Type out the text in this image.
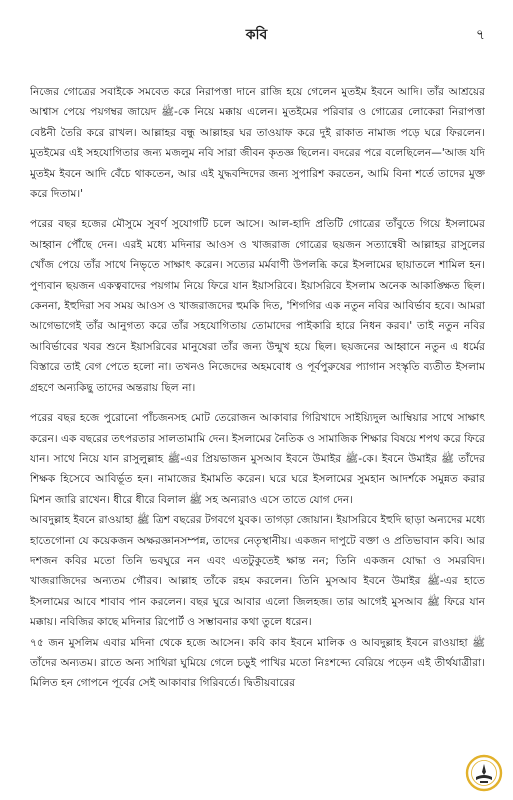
কবি	৭

নিজের গোত্রের সবাইকে সমবেত করে নিরাপত্তা দানে রাজি হয়ে গেলেন মুতইম ইবনে আদি। তাঁর আশ্রয়ের আশ্বাস পেয়ে পয়গম্বর জায়েদ ﷺ-কে নিয়ে মক্কায় এলেন। মুতইমের পরিবার ও গোত্রের লোকেরা নিরাপত্তা বেষ্টনী তৈরি করে রাখল। আল্লাহর বন্ধু আল্লাহর ঘর তাওয়াফ করে দুই রাকাত নামাজ পড়ে ঘরে ফিরলেন। মুতইমের এই সহযোগিতার জন্য মজলুম নবি সারা জীবন কৃতজ্ঞ ছিলেন। বদরের পরে বলেছিলেন—'আজ যদি মুতইম ইবনে আদি বেঁচে থাকতেন, আর এই যুদ্ধবন্দিদের জন্য সুপারিশ করতেন, আমি বিনা শর্তে তাদের মুক্ত করে দিতাম।'

পরের বছর হজের মৌসুমে সুবর্ণ সুযোগটি চলে আসে। আল-হাদি প্রতিটি গোত্রের তাঁবুতে গিয়ে ইসলামের আহ্বান পৌঁছে দেন। এরই মধ্যে মদিনার আওস ও খাজরাজ গোত্রের ছয়জন সত্যান্বেষী আল্লাহর রাসুলের খোঁজ পেয়ে তাঁর সাথে নিভৃতে সাক্ষাৎ করেন। সত্যের মর্মবাণী উপলব্ধি করে ইসলামের ছায়াতলে শামিল হন। পুণ্যবান ছয়জন একত্ববাদের পয়গাম নিয়ে ফিরে যান ইয়াসরিবে। ইয়াসরিবে ইসলাম অনেক আকাঙ্ক্ষিত ছিল। কেননা, ইহুদিরা সব সময় আওস ও খাজরাজদের হুমকি দিত, 'শিগগির এক নতুন নবির আবির্ভাব হবে। আমরা আগেভাগেই তাঁর আনুগত্য করে তাঁর সহযোগিতায় তোমাদের পাইকারি হারে নিধন করব।' তাই নতুন নবির আবির্ভাবের খবর শুনে ইয়াসরিবের মানুষেরা তাঁর জন্য উন্মুখ হয়ে ছিল। ছয়জনের আহ্বানে নতুন এ ধর্মের বিস্তারে তাই বেগ পেতে হলো না। তখনও নিজেদের অহমবোধ ও পূর্বপুরুষের প্যাগান সংস্কৃতি ব্যতীত ইসলাম গ্রহণে অন্যকিছু তাদের অন্তরায় ছিল না।

পরের বছর হজে পুরোনো পাঁচজনসহ মোট তেরোজন আকাবার গিরিখাদে সাইয়্যিদুল আম্বিয়ার সাথে সাক্ষাৎ করেন। এক বছরের তৎপরতার সালতামামি দেন। ইসলামের নৈতিক ও সামাজিক শিক্ষার বিষয়ে শপথ করে ফিরে যান। সাথে নিয়ে যান রাসুলুল্লাহ ﷺ-এর প্রিয়ভাজন মুসআব ইবনে উমাইর ﷺ-কে। ইবনে উমাইর ﷺ তাঁদের শিক্ষক হিসেবে আবির্ভূত হন। নামাজের ইমামতি করেন। ঘরে ঘরে ইসলামের সুমহান আদর্শকে সমুন্নত করার মিশন জারি রাখেন। ধীরে ধীরে বিলাল ﷺ সহ অন্যরাও এসে তাতে যোগ দেন।

আবদুল্লাহ ইবনে রাওয়াহা ﷺ ত্রিশ বছরের টগবগে যুবক। তাগড়া জোয়ান। ইয়াসরিবে ইহুদি ছাড়া অন্যদের মধ্যে হাতেগোনা যে কয়েকজন অক্ষরজ্ঞানসম্পন্ন, তাদের নেতৃস্থানীয়। একজন দাপুটে বক্তা ও প্রতিভাবান কবি। আর দশজন কবির মতো তিনি ভবঘুরে নন এবং এতটুকুতেই ক্ষান্ত নন; তিনি একজন যোদ্ধা ও সমরবিদ। খাজরাজিদের অন্যতম গৌরব। আল্লাহ তাঁকে রহম করলেন। তিনি মুসআব ইবনে উমাইর ﷺ-এর হাতে ইসলামের আবে শাবাব পান করলেন। বছর ঘুরে আবার এলো জিলহজ। তার আগেই মুসআব ﷺ ফিরে যান মক্কায়। নবিজির কাছে মদিনার রিপোর্ট ও সম্ভাবনার কথা তুলে ধরেন।

৭৫ জন মুসলিম এবার মদিনা থেকে হজে আসেন। কবি কাব ইবনে মালিক ও আবদুল্লাহ ইবনে রাওয়াহা ﷺ তাঁদের অন্যতম। রাতে অন্য সাথিরা ঘুমিয়ে গেলে চড়ুই পাখির মতো নিঃশব্দ্যে বেরিয়ে পড়েন এই তীর্থযাত্রীরা। মিলিত হন গোপনে পূর্বের সেই আকাবার গিরিবর্তে। দ্বিতীয়বারের
